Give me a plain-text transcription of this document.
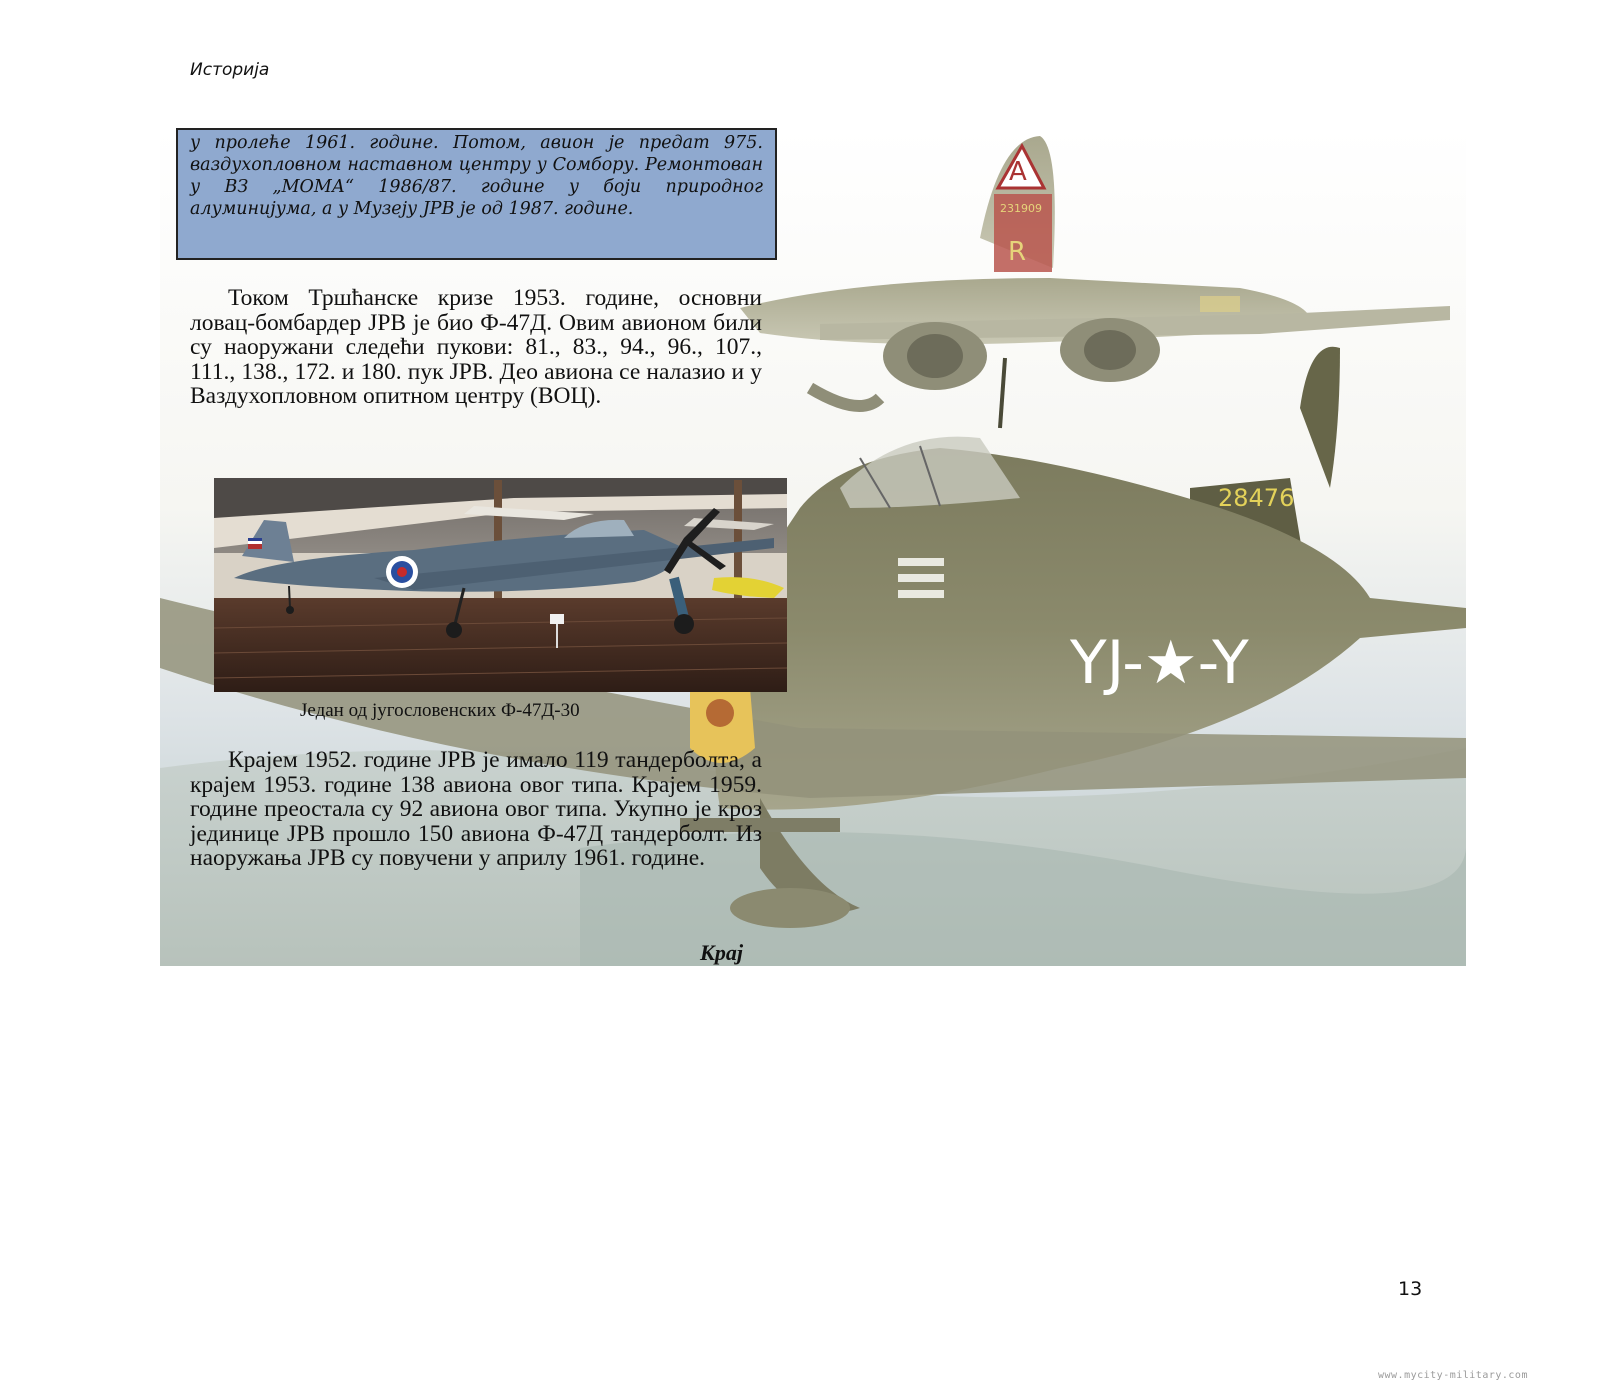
Историја
A
231909
R
28476
YJ-★-Y
у пролеће 1961. године. Потом, авион је предат 975. ваздухопловном наставном центру у Сомбору. Ремонтован у ВЗ „МОМА“ 1986/87. године у боји природног алуминијума, а у Музеју ЈРВ је од 1987. године.
Током Тршћанске кризе 1953. године, основни ловац-бомбардер ЈРВ је био Ф-47Д. Овим авионом били су наоружани следећи пукови: 81., 83., 94., 96., 107., 111., 138., 172. и 180. пук ЈРВ. Део авиона се налазио и у Ваздухопловном опитном центру (ВОЦ).
Један од југословенских Ф-47Д-30
Крајем 1952. године ЈРВ је имало 119 тандерболта, а крајем 1953. године 138 авиона овог типа. Крајем 1959. године преостала су 92 авиона овог типа. Укупно је кроз јединице ЈРВ прошло 150 авиона Ф-47Д тандерболт. Из наоружања ЈРВ су повучени у априлу 1961. године.
Крај
13
www.mycity-military.com
